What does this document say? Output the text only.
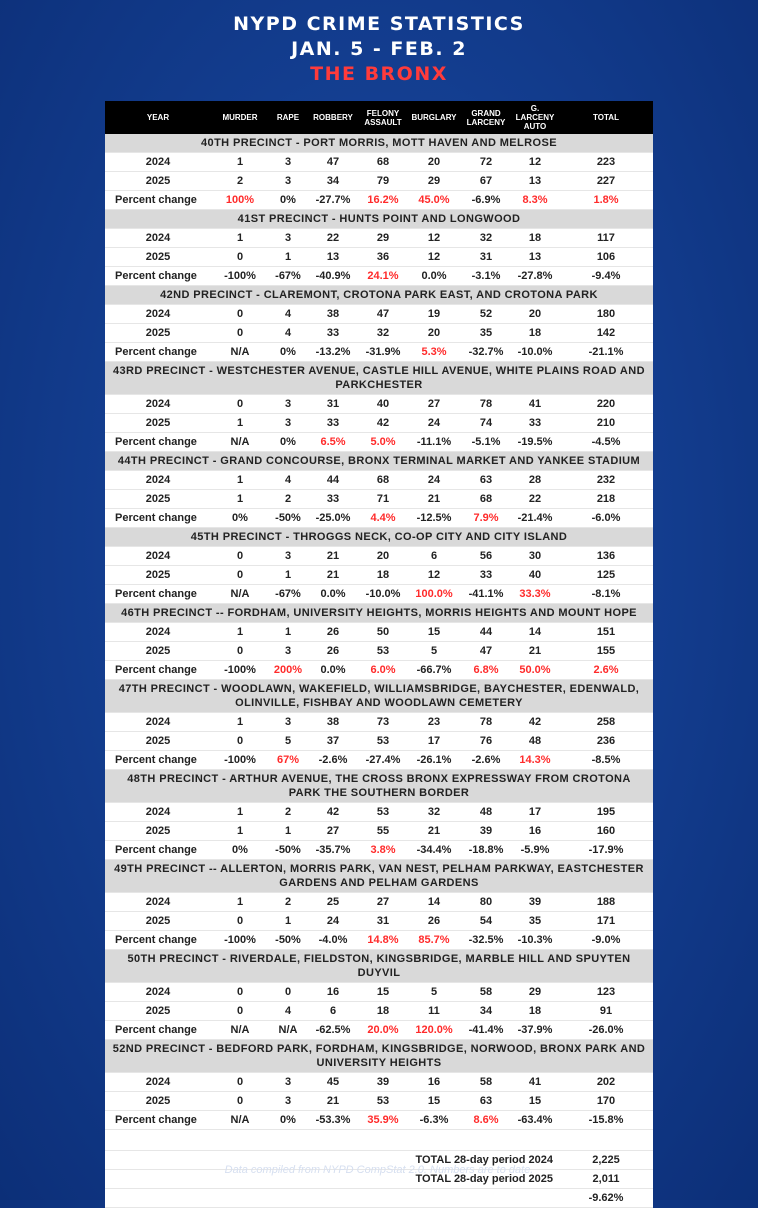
NYPD CRIME STATISTICS
JAN. 5 - FEB. 2
THE BRONX
YEAR	MURDER	RAPE	ROBBERY	FELONY ASSAULT	BURGLARY	GRAND LARCENY	G. LARCENY AUTO	TOTAL
40TH PRECINCT - PORT MORRIS, MOTT HAVEN AND MELROSE								
2024	1	3	47	68	20	72	12	223
2025	2	3	34	79	29	67	13	227
Percent change	100%	0%	-27.7%	16.2%	45.0%	-6.9%	8.3%	1.8%
41ST PRECINCT - HUNTS POINT AND LONGWOOD								
2024	1	3	22	29	12	32	18	117
2025	0	1	13	36	12	31	13	106
Percent change	-100%	-67%	-40.9%	24.1%	0.0%	-3.1%	-27.8%	-9.4%
42ND PRECINCT - CLAREMONT, CROTONA PARK EAST, AND CROTONA PARK								
2024	0	4	38	47	19	52	20	180
2025	0	4	33	32	20	35	18	142
Percent change	N/A	0%	-13.2%	-31.9%	5.3%	-32.7%	-10.0%	-21.1%
43RD PRECINCT - WESTCHESTER AVENUE, CASTLE HILL AVENUE, WHITE PLAINS ROAD AND PARKCHESTER								
2024	0	3	31	40	27	78	41	220
2025	1	3	33	42	24	74	33	210
Percent change	N/A	0%	6.5%	5.0%	-11.1%	-5.1%	-19.5%	-4.5%
44TH PRECINCT - GRAND CONCOURSE, BRONX TERMINAL MARKET AND YANKEE STADIUM								
2024	1	4	44	68	24	63	28	232
2025	1	2	33	71	21	68	22	218
Percent change	0%	-50%	-25.0%	4.4%	-12.5%	7.9%	-21.4%	-6.0%
45TH PRECINCT - THROGGS NECK, CO-OP CITY AND CITY ISLAND								
2024	0	3	21	20	6	56	30	136
2025	0	1	21	18	12	33	40	125
Percent change	N/A	-67%	0.0%	-10.0%	100.0%	-41.1%	33.3%	-8.1%
46TH PRECINCT -- FORDHAM, UNIVERSITY HEIGHTS, MORRIS HEIGHTS AND MOUNT HOPE								
2024	1	1	26	50	15	44	14	151
2025	0	3	26	53	5	47	21	155
Percent change	-100%	200%	0.0%	6.0%	-66.7%	6.8%	50.0%	2.6%
47TH PRECINCT - WOODLAWN, WAKEFIELD, WILLIAMSBRIDGE, BAYCHESTER, EDENWALD, OLINVILLE, FISHBAY AND WOODLAWN CEMETERY								
2024	1	3	38	73	23	78	42	258
2025	0	5	37	53	17	76	48	236
Percent change	-100%	67%	-2.6%	-27.4%	-26.1%	-2.6%	14.3%	-8.5%
48TH PRECINCT - ARTHUR AVENUE, THE CROSS BRONX EXPRESSWAY FROM CROTONA PARK THE SOUTHERN BORDER								
2024	1	2	42	53	32	48	17	195
2025	1	1	27	55	21	39	16	160
Percent change	0%	-50%	-35.7%	3.8%	-34.4%	-18.8%	-5.9%	-17.9%
49TH PRECINCT -- ALLERTON, MORRIS PARK, VAN NEST, PELHAM PARKWAY, EASTCHESTER GARDENS AND PELHAM GARDENS								
2024	1	2	25	27	14	80	39	188
2025	0	1	24	31	26	54	35	171
Percent change	-100%	-50%	-4.0%	14.8%	85.7%	-32.5%	-10.3%	-9.0%
50TH PRECINCT - RIVERDALE, FIELDSTON, KINGSBRIDGE, MARBLE HILL AND SPUYTEN DUYVIL								
2024	0	0	16	15	5	58	29	123
2025	0	4	6	18	11	34	18	91
Percent change	N/A	N/A	-62.5%	20.0%	120.0%	-41.4%	-37.9%	-26.0%
52ND PRECINCT - BEDFORD PARK, FORDHAM, KINGSBRIDGE, NORWOOD, BRONX PARK AND UNIVERSITY HEIGHTS								
2024	0	3	45	39	16	58	41	202
2025	0	3	21	53	15	63	15	170
Percent change	N/A	0%	-53.3%	35.9%	-6.3%	8.6%	-63.4%	-15.8%

					TOTAL 28-day period 2024			2,225
					TOTAL 28-day period 2025			2,011
								-9.62%
Data compiled from NYPD CompStat 2.0. Numbers are to date.
